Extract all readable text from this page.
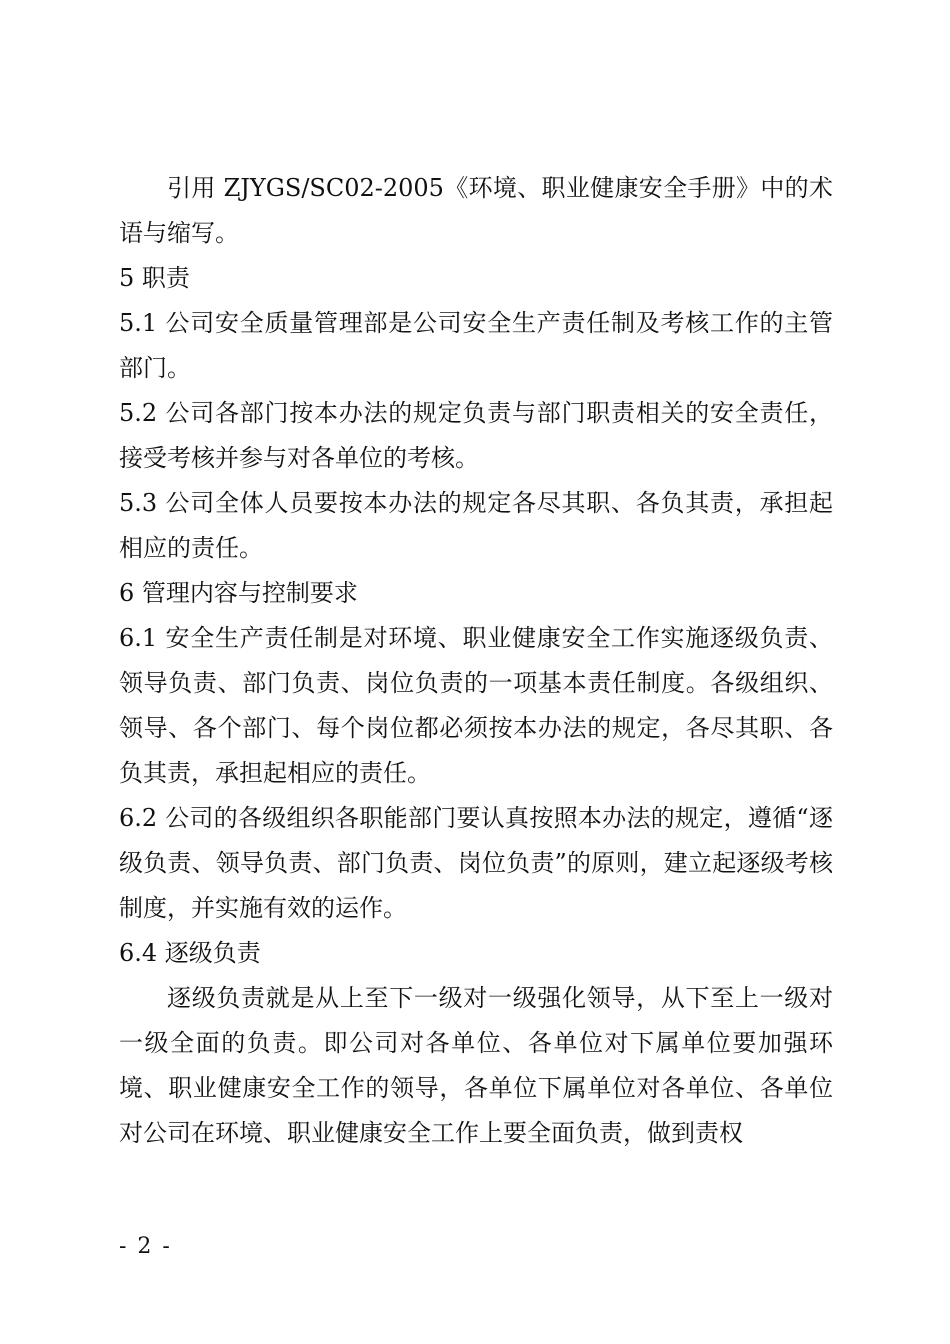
引用 ZJYGS/SC02-2005《环境、职业健康安全手册》中的术语与缩写。

5 职责

5.1 公司安全质量管理部是公司安全生产责任制及考核工作的主管部门。

5.2 公司各部门按本办法的规定负责与部门职责相关的安全责任，接受考核并参与对各单位的考核。

5.3 公司全体人员要按本办法的规定各尽其职、各负其责，承担起相应的责任。

6 管理内容与控制要求

6.1 安全生产责任制是对环境、职业健康安全工作实施逐级负责、领导负责、部门负责、岗位负责的一项基本责任制度。各级组织、领导、各个部门、每个岗位都必须按本办法的规定，各尽其职、各负其责，承担起相应的责任。

6.2 公司的各级组织各职能部门要认真按照本办法的规定，遵循“逐级负责、领导负责、部门负责、岗位负责”的原则，建立起逐级考核制度，并实施有效的运作。

6.4 逐级负责

逐级负责就是从上至下一级对一级强化领导，从下至上一级对一级全面的负责。即公司对各单位、各单位对下属单位要加强环境、职业健康安全工作的领导，各单位下属单位对各单位、各单位对公司在环境、职业健康安全工作上要全面负责，做到责权

- 2 -
